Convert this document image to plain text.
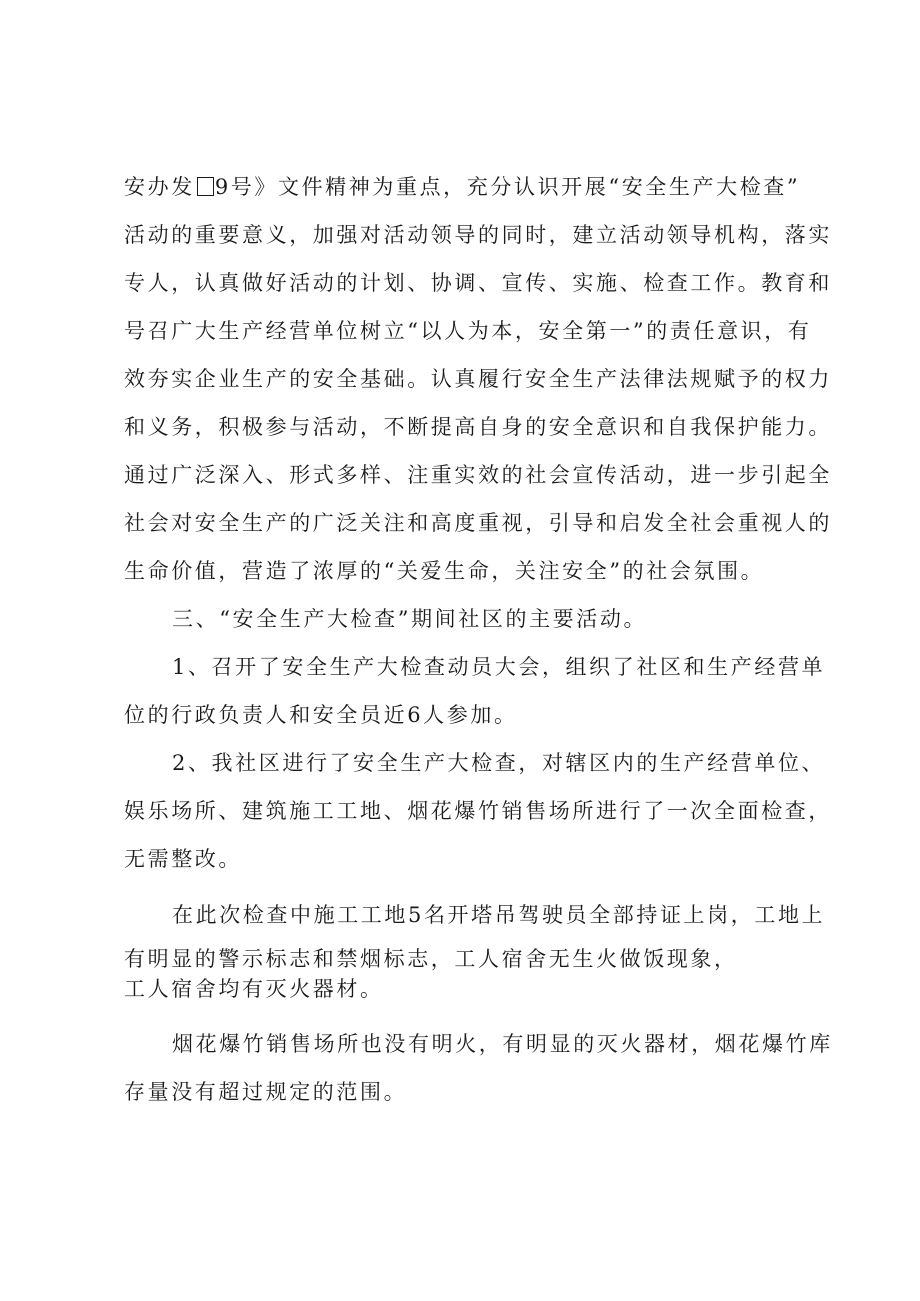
安办发 9号》文件精神为重点，充分认识开展“安全生产大检查”
活动的重要意义，加强对活动领导的同时，建立活动领导机构，落实
专人，认真做好活动的计划、协调、宣传、实施、检查工作。教育和
号召广大生产经营单位树立“以人为本，安全第一”的责任意识，有
效夯实企业生产的安全基础。认真履行安全生产法律法规赋予的权力
和义务，积极参与活动，不断提高自身的安全意识和自我保护能力。
通过广泛深入、形式多样、注重实效的社会宣传活动，进一步引起全
社会对安全生产的广泛关注和高度重视，引导和启发全社会重视人的
生命价值，营造了浓厚的“关爱生命，关注安全”的社会氛围。
三、“安全生产大检查”期间社区的主要活动。
1、召开了安全生产大检查动员大会，组织了社区和生产经营单
位的行政负责人和安全员近6人参加。
2、我社区进行了安全生产大检查，对辖区内的生产经营单位、
娱乐场所、建筑施工工地、烟花爆竹销售场所进行了一次全面检查，
无需整改。
在此次检查中施工工地5名开塔吊驾驶员全部持证上岗，工地上
有明显的警示标志和禁烟标志，工人宿舍无生火做饭现象，
工人宿舍均有灭火器材。
烟花爆竹销售场所也没有明火，有明显的灭火器材，烟花爆竹库
存量没有超过规定的范围。
